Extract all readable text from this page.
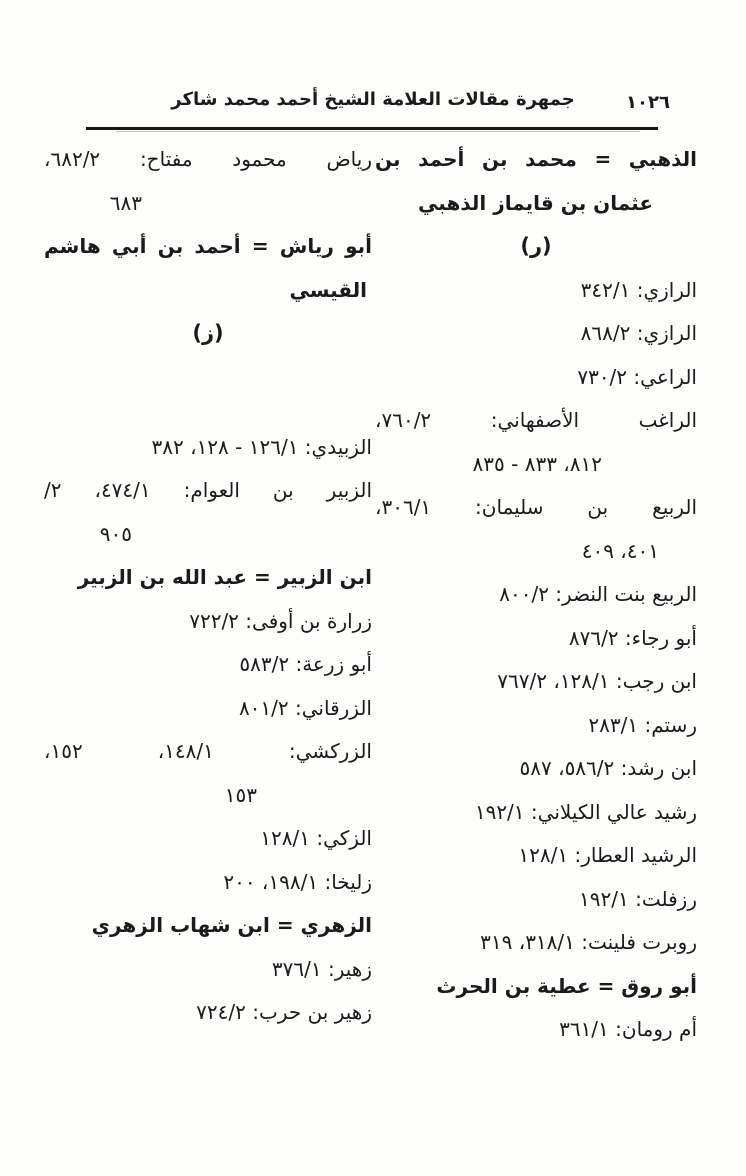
١٠٢٦
جمهرة مقالات العلامة الشيخ أحمد محمد شاكر
الذهبي = محمد بن أحمد بن
عثمان بن قايماز الذهبي
(ر)
الرازي: ٣٤٢/١
الرازي: ٨٦٨/٢
الراعي: ٧٣٠/٢
الراغب الأصفهاني: ٧٦٠/٢،
٨١٢، ٨٣٣ - ٨٣٥
الربيع بن سليمان: ٣٠٦/١،
٤٠١، ٤٠٩
الربيع بنت النضر: ٨٠٠/٢
أبو رجاء: ٨٧٦/٢
ابن رجب: ١٢٨/١، ٧٦٧/٢
رستم: ٢٨٣/١
ابن رشد: ٥٨٦/٢، ٥٨٧
رشيد عالي الكيلاني: ١٩٢/١
الرشيد العطار: ١٢٨/١
رزفلت: ١٩٢/١
روبرت فلينت: ٣١٨/١، ٣١٩
أبو روق = عطية بن الحرث
أم رومان: ٣٦١/١
رياض محمود مفتاح: ٦٨٢/٢،
٦٨٣
أبو رياش = أحمد بن أبي هاشم
القيسي
(ز)
الزبيدي: ١٢٦/١ - ١٢٨، ٣٨٢
الزبير بن العوام: ٤٧٤/١، ٢/
٩٠٥
ابن الزبير = عبد الله بن الزبير
زرارة بن أوفى: ٧٢٢/٢
أبو زرعة: ٥٨٣/٢
الزرقاني: ٨٠١/٢
الزركشي: ١٤٨/١، ١٥٢،
١٥٣
الزكي: ١٢٨/١
زليخا: ١٩٨/١، ٢٠٠
الزهري = ابن شهاب الزهري
زهير: ٣٧٦/١
زهير بن حرب: ٧٢٤/٢
